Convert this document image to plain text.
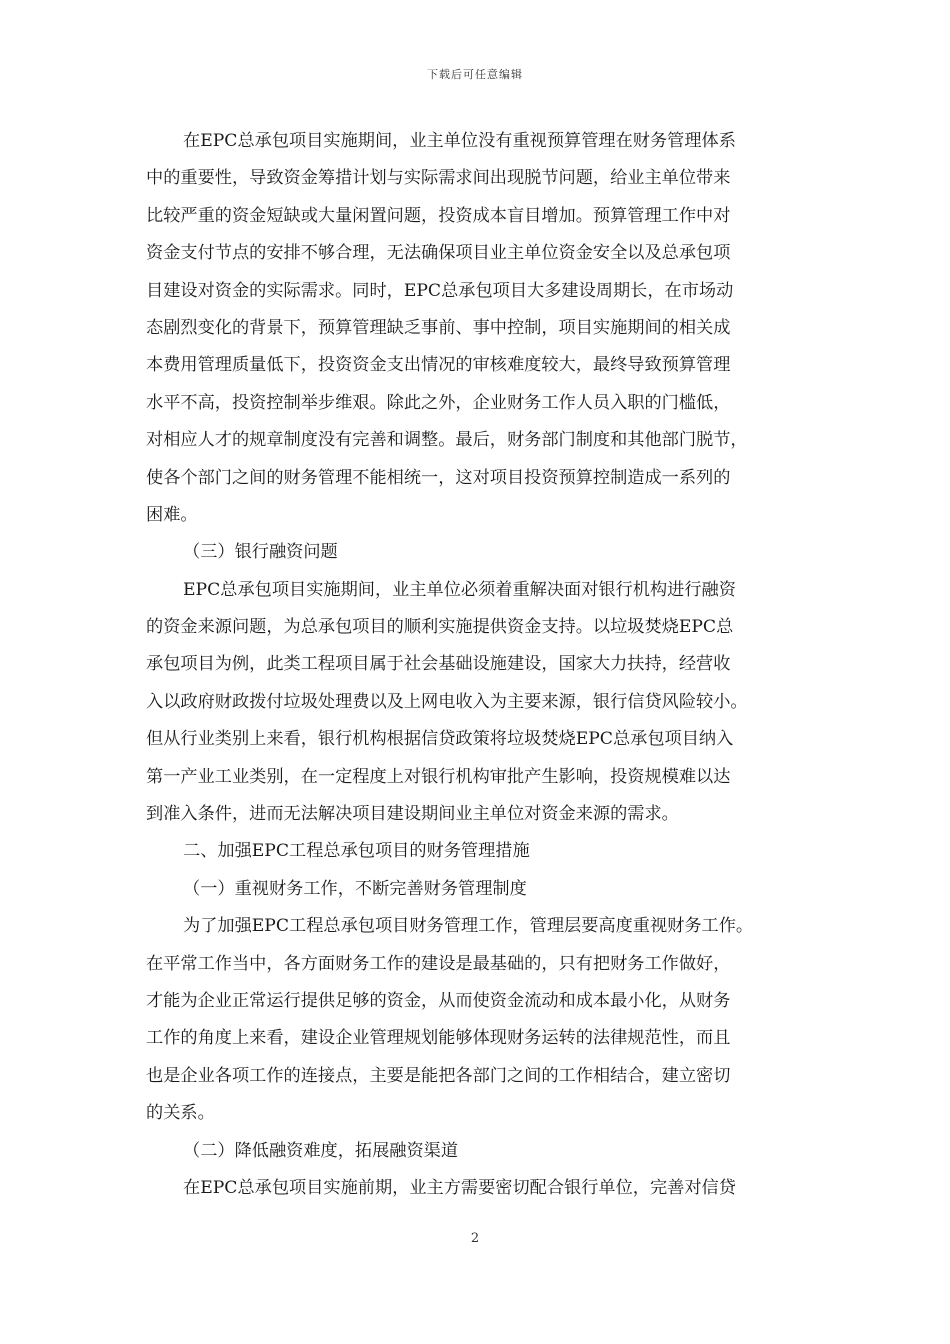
下载后可任意编辑
在EPC总承包项目实施期间，业主单位没有重视预算管理在财务管理体系
中的重要性，导致资金筹措计划与实际需求间出现脱节问题，给业主单位带来
比较严重的资金短缺或大量闲置问题，投资成本盲目增加。预算管理工作中对
资金支付节点的安排不够合理，无法确保项目业主单位资金安全以及总承包项
目建设对资金的实际需求。同时，EPC总承包项目大多建设周期长，在市场动
态剧烈变化的背景下，预算管理缺乏事前、事中控制，项目实施期间的相关成
本费用管理质量低下，投资资金支出情况的审核难度较大，最终导致预算管理
水平不高，投资控制举步维艰。除此之外，企业财务工作人员入职的门槛低，
对相应人才的规章制度没有完善和调整。最后，财务部门制度和其他部门脱节，
使各个部门之间的财务管理不能相统一，这对项目投资预算控制造成一系列的
困难。
（三）银行融资问题
EPC总承包项目实施期间，业主单位必须着重解决面对银行机构进行融资
的资金来源问题，为总承包项目的顺利实施提供资金支持。以垃圾焚烧EPC总
承包项目为例，此类工程项目属于社会基础设施建设，国家大力扶持，经营收
入以政府财政拨付垃圾处理费以及上网电收入为主要来源，银行信贷风险较小。
但从行业类别上来看，银行机构根据信贷政策将垃圾焚烧EPC总承包项目纳入
第一产业工业类别，在一定程度上对银行机构审批产生影响，投资规模难以达
到准入条件，进而无法解决项目建设期间业主单位对资金来源的需求。
二、加强EPC工程总承包项目的财务管理措施
（一）重视财务工作，不断完善财务管理制度
为了加强EPC工程总承包项目财务管理工作，管理层要高度重视财务工作。
在平常工作当中，各方面财务工作的建设是最基础的，只有把财务工作做好，
才能为企业正常运行提供足够的资金，从而使资金流动和成本最小化，从财务
工作的角度上来看，建设企业管理规划能够体现财务运转的法律规范性，而且
也是企业各项工作的连接点，主要是能把各部门之间的工作相结合，建立密切
的关系。
（二）降低融资难度，拓展融资渠道
在EPC总承包项目实施前期，业主方需要密切配合银行单位，完善对信贷
2
